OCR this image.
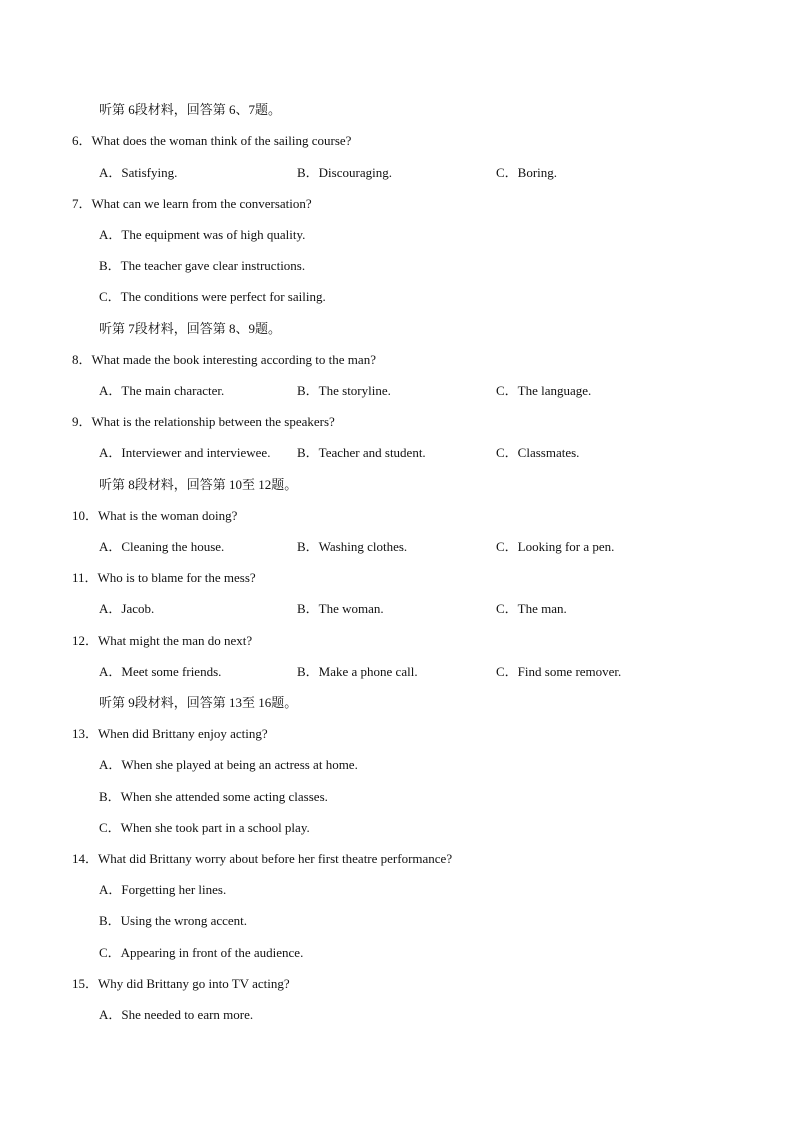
听第 6段材料，回答第 6、7题。
6．What does the woman think of the sailing course?
A．Satisfying.	B．Discouraging.	C．Boring.
7．What can we learn from the conversation?
A．The equipment was of high quality.
B．The teacher gave clear instructions.
C．The conditions were perfect for sailing.
听第 7段材料，回答第 8、9题。
8．What made the book interesting according to the man?
A．The main character.	B．The storyline.	C．The language.
9．What is the relationship between the speakers?
A．Interviewer and interviewee. B．Teacher and student.	C．Classmates.
听第 8段材料，回答第 10至 12题。
10．What is the woman doing?
A．Cleaning the house.	B．Washing clothes.	C．Looking for a pen.
11．Who is to blame for the mess?
A．Jacob.	B．The woman.	C．The man.
12．What might the man do next?
A．Meet some friends.	B．Make a phone call.	C．Find some remover.
听第 9段材料，回答第 13至 16题。
13．When did Brittany enjoy acting?
A．When she played at being an actress at home.
B．When she attended some acting classes.
C．When she took part in a school play.
14．What did Brittany worry about before her first theatre performance?
A．Forgetting her lines.
B．Using the wrong accent.
C．Appearing in front of the audience.
15．Why did Brittany go into TV acting?
A．She needed to earn more.
